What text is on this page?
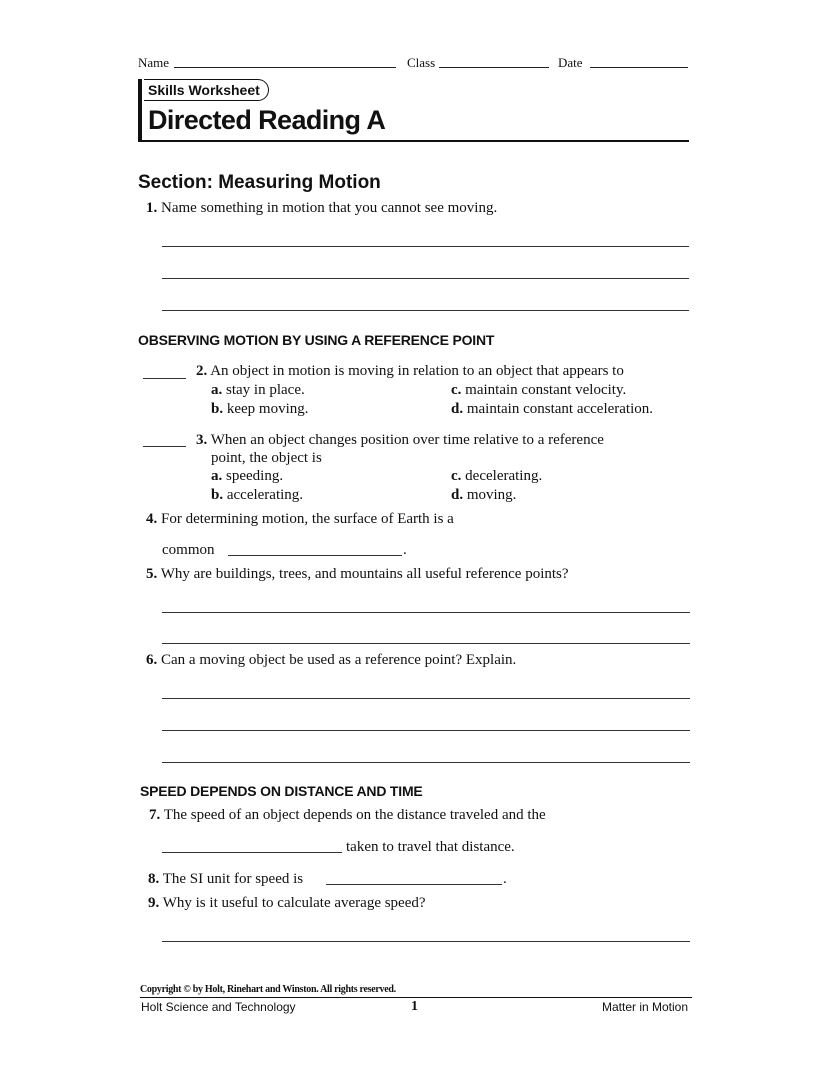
Name	Class	Date
Skills Worksheet
Directed Reading A
Section: Measuring Motion
1. Name something in motion that you cannot see moving.
OBSERVING MOTION BY USING A REFERENCE POINT
2. An object in motion is moving in relation to an object that appears to
a. stay in place.
b. keep moving.
c. maintain constant velocity.
d. maintain constant acceleration.
3. When an object changes position over time relative to a reference
point, the object is
a. speeding.
b. accelerating.
c. decelerating.
d. moving.
4. For determining motion, the surface of Earth is a
common	.
5. Why are buildings, trees, and mountains all useful reference points?
6. Can a moving object be used as a reference point? Explain.
SPEED DEPENDS ON DISTANCE AND TIME
7. The speed of an object depends on the distance traveled and the
taken to travel that distance.
8. The SI unit for speed is	.
9. Why is it useful to calculate average speed?
Copyright © by Holt, Rinehart and Winston. All rights reserved.
Holt Science and Technology	1	Matter in Motion
